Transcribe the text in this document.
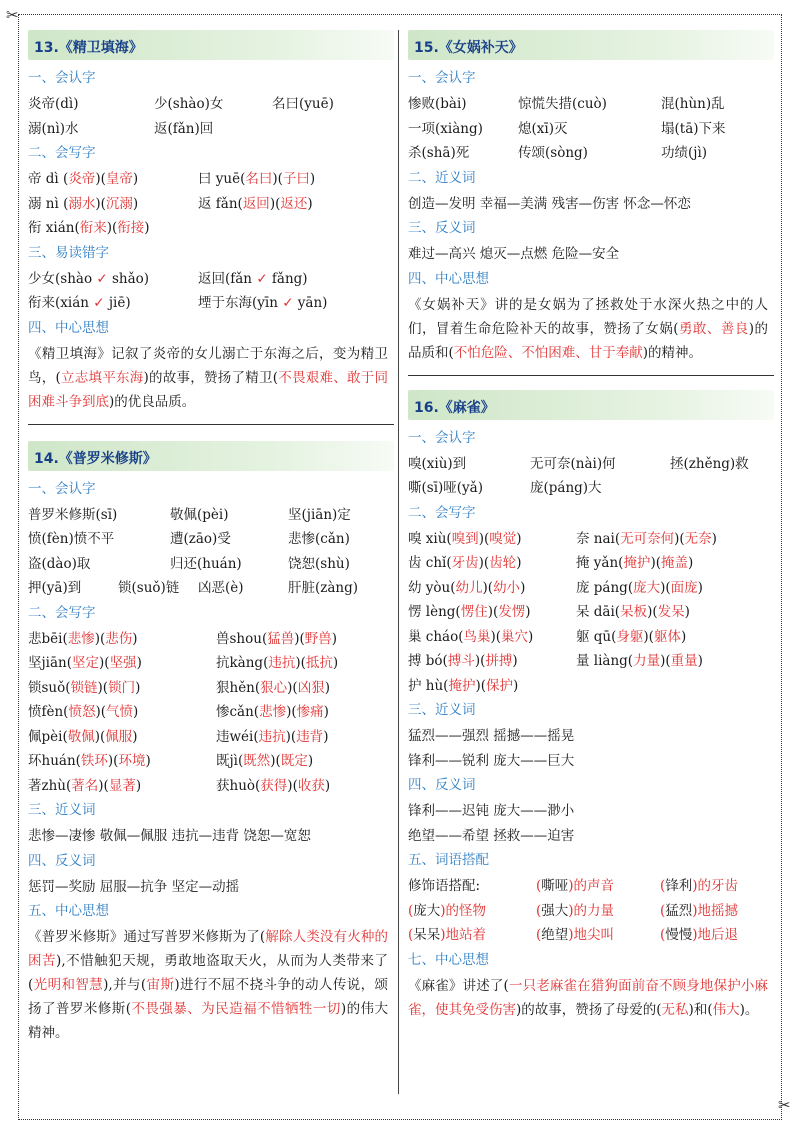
✂
✂
13.《精卫填海》
一、会认字
炎帝(dì)	少(shào)女	名曰(yuē)
溺(nì)水	返(fǎn)回
二、会写字
帝 dì (炎帝)(皇帝)	曰 yuē(名曰)(子曰)
溺 nì (溺水)(沉溺)	返 fǎn(返回)(返还)
衔 xián(衔来)(衔接)
三、易读错字
少女(shào ✓ shǎo)	返回(fǎn ✓ fǎng)
衔来(xián ✓ jiē)	堙于东海(yīn ✓ yān)
四、中心思想
《精卫填海》记叙了炎帝的女儿溺亡于东海之后，变为精卫鸟，(立志填平东海)的故事，赞扬了精卫(不畏艰难、敢于同困难斗争到底)的优良品质。
14.《普罗米修斯》
一、会认字
普罗米修斯(sī)	敬佩(pèi)	坚(jiān)定
愤(fèn)愤不平	遭(zāo)受	悲惨(cǎn)
盗(dào)取	归还(huán)	饶恕(shù)
押(yā)到	锁(suǒ)链	凶恶(è)	肝脏(zàng)
二、会写字
悲bēi(悲惨)(悲伤)	兽shou(猛兽)(野兽)
坚jiān(坚定)(坚强)	抗kàng(违抗)(抵抗)
锁suǒ(锁链)(锁门)	狠hěn(狠心)(凶狠)
愤fèn(愤怒)(气愤)	惨cǎn(悲惨)(惨痛)
佩pèi(敬佩)(佩服)	违wéi(违抗)(违背)
环huán(铁环)(环境)	既jì(既然)(既定)
著zhù(著名)(显著)	获huò(获得)(收获)
三、近义词
悲惨—凄惨 敬佩—佩服 违抗—违背 饶恕—宽恕
四、反义词
惩罚—奖励 屈服—抗争 坚定—动摇
五、中心思想
《普罗米修斯》通过写普罗米修斯为了(解除人类没有火种的困苦),不惜触犯天规，勇敢地盗取天火，从而为人类带来了(光明和智慧),并与(宙斯)进行不屈不挠斗争的动人传说，颂扬了普罗米修斯(不畏强暴、为民造福不惜牺牲一切)的伟大精神。
15.《女娲补天》
一、会认字
惨败(bài)	惊慌失措(cuò)	混(hùn)乱
一项(xiàng)	熄(xī)灭	塌(tā)下来
杀(shā)死	传颂(sòng)	功绩(jì)
二、近义词
创造—发明 幸福—美满 残害—伤害 怀念—怀恋
三、反义词
难过—高兴 熄灭—点燃 危险—安全
四、中心思想
《女娲补天》讲的是女娲为了拯救处于水深火热之中的人们，冒着生命危险补天的故事，赞扬了女娲(勇敢、善良)的品质和(不怕危险、不怕困难、甘于奉献)的精神。
16.《麻雀》
一、会认字
嗅(xiù)到	无可奈(nài)何	拯(zhěng)救
嘶(sī)哑(yǎ)	庞(páng)大
二、会写字
嗅 xiù(嗅到)(嗅觉)	奈 nai(无可奈何)(无奈)
齿 chǐ(牙齿)(齿轮)	掩 yǎn(掩护)(掩盖)
幼 yòu(幼儿)(幼小)	庞 páng(庞大)(面庞)
愣 lèng(愣住)(发愣)	呆 dāi(呆板)(发呆)
巢 cháo(鸟巢)(巢穴)	躯 qū(身躯)(躯体)
搏 bó(搏斗)(拼搏)	量 liàng(力量)(重量)
护 hù(掩护)(保护)
三、近义词
猛烈——强烈 摇撼——摇晃
锋利——锐利 庞大——巨大
四、反义词
锋利——迟钝 庞大——渺小
绝望——希望 拯救——迫害
五、词语搭配
修饰语搭配:	(嘶哑)的声音	(锋利)的牙齿
(庞大)的怪物	(强大)的力量	(猛烈)地摇撼
(呆呆)地站着	(绝望)地尖叫	(慢慢)地后退
七、中心思想
《麻雀》讲述了(一只老麻雀在猎狗面前奋不顾身地保护小麻雀，使其免受伤害)的故事，赞扬了母爱的(无私)和(伟大)。
